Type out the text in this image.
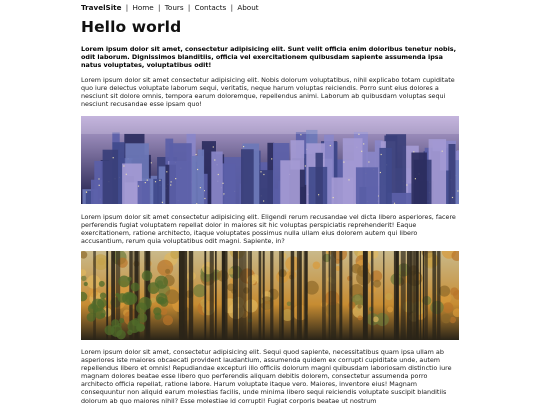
TravelSite | Home | Tours | Contacts | About
Hello world

Lorem ipsum dolor sit amet, consectetur adipisicing elit. Sunt velit officia enim doloribus tenetur nobis, odit laborum. Dignissimos blanditiis, officia vel exercitationem quibusdam sapiente assumenda ipsa natus voluptates, voluptatibus odit!

Lorem ipsum dolor sit amet consectetur adipisicing elit. Nobis dolorum voluptatibus, nihil explicabo totam cupiditate quo iure delectus voluptate laborum sequi, veritatis, neque harum voluptas reiciendis. Porro sunt eius dolores a nesciunt sit dolore omnis, tempora earum doloremque, repellendus animi. Laborum ab quibusdam voluptas sequi nesciunt recusandae esse ipsam quo!

Lorem ipsum dolor sit amet consectetur adipisicing elit. Eligendi rerum recusandae vel dicta libero asperiores, facere perferendis fugiat voluptatem repellat dolor in maiores sit hic voluptas perspiciatis reprehenderit! Eaque exercitationem, ratione architecto, itaque voluptates possimus nulla ullam eius dolorem autem qui libero accusantium, rerum quia voluptatibus odit magni. Sapiente, in?

Lorem ipsum dolor sit amet, consectetur adipisicing elit. Sequi quod sapiente, necessitatibus quam ipsa ullam ab asperiores iste maiores obcaecati provident laudantium, assumenda quidem ex corrupti cupiditate unde, autem repellendus libero et omnis! Repudiandae excepturi illo officiis dolorum magni quibusdam laboriosam distinctio iure magnam dolores beatae esse libero quo perferendis aliquam debitis dolorem, consectetur assumenda porro architecto officia repellat, ratione labore. Harum voluptate itaque vero. Maiores, inventore eius! Magnam consequuntur non aliquid earum molestias facilis, unde minima libero sequi reiciendis voluptate suscipit blanditiis dolorum ab quo maiores nihil? Esse molestiae id corrupti! Fugiat corporis beatae ut nostrum
